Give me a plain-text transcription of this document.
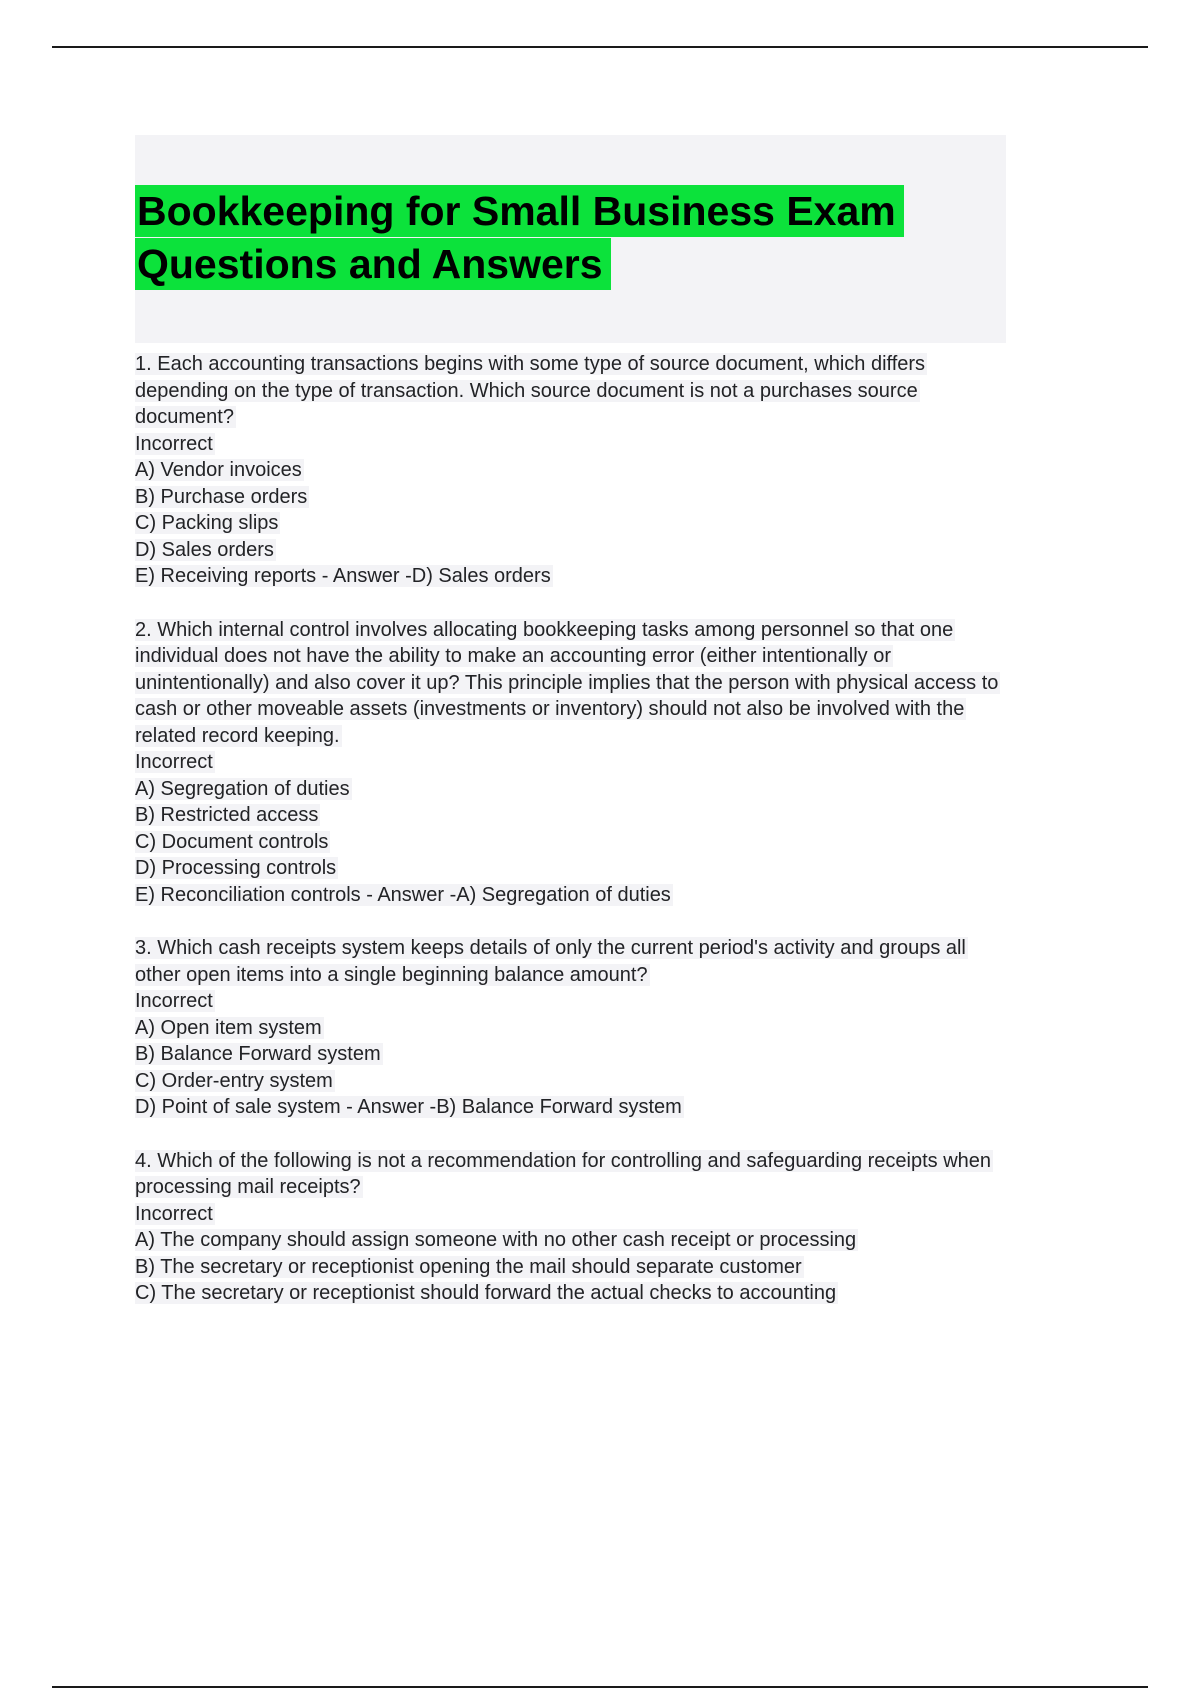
Bookkeeping for Small Business Exam Questions and Answers

1. Each accounting transactions begins with some type of source document, which differs depending on the type of transaction. Which source document is not a purchases source document?

Incorrect

A) Vendor invoices

B) Purchase orders

C) Packing slips

D) Sales orders

E) Receiving reports - Answer -D) Sales orders

2. Which internal control involves allocating bookkeeping tasks among personnel so that one individual does not have the ability to make an accounting error (either intentionally or unintentionally) and also cover it up? This principle implies that the person with physical access to cash or other moveable assets (investments or inventory) should not also be involved with the related record keeping.

Incorrect

A) Segregation of duties

B) Restricted access

C) Document controls

D) Processing controls

E) Reconciliation controls - Answer -A) Segregation of duties

3. Which cash receipts system keeps details of only the current period's activity and groups all other open items into a single beginning balance amount?

Incorrect

A) Open item system

B) Balance Forward system

C) Order-entry system

D) Point of sale system - Answer -B) Balance Forward system

4. Which of the following is not a recommendation for controlling and safeguarding receipts when processing mail receipts?

Incorrect

A) The company should assign someone with no other cash receipt or processing

B) The secretary or receptionist opening the mail should separate customer

C) The secretary or receptionist should forward the actual checks to accounting
